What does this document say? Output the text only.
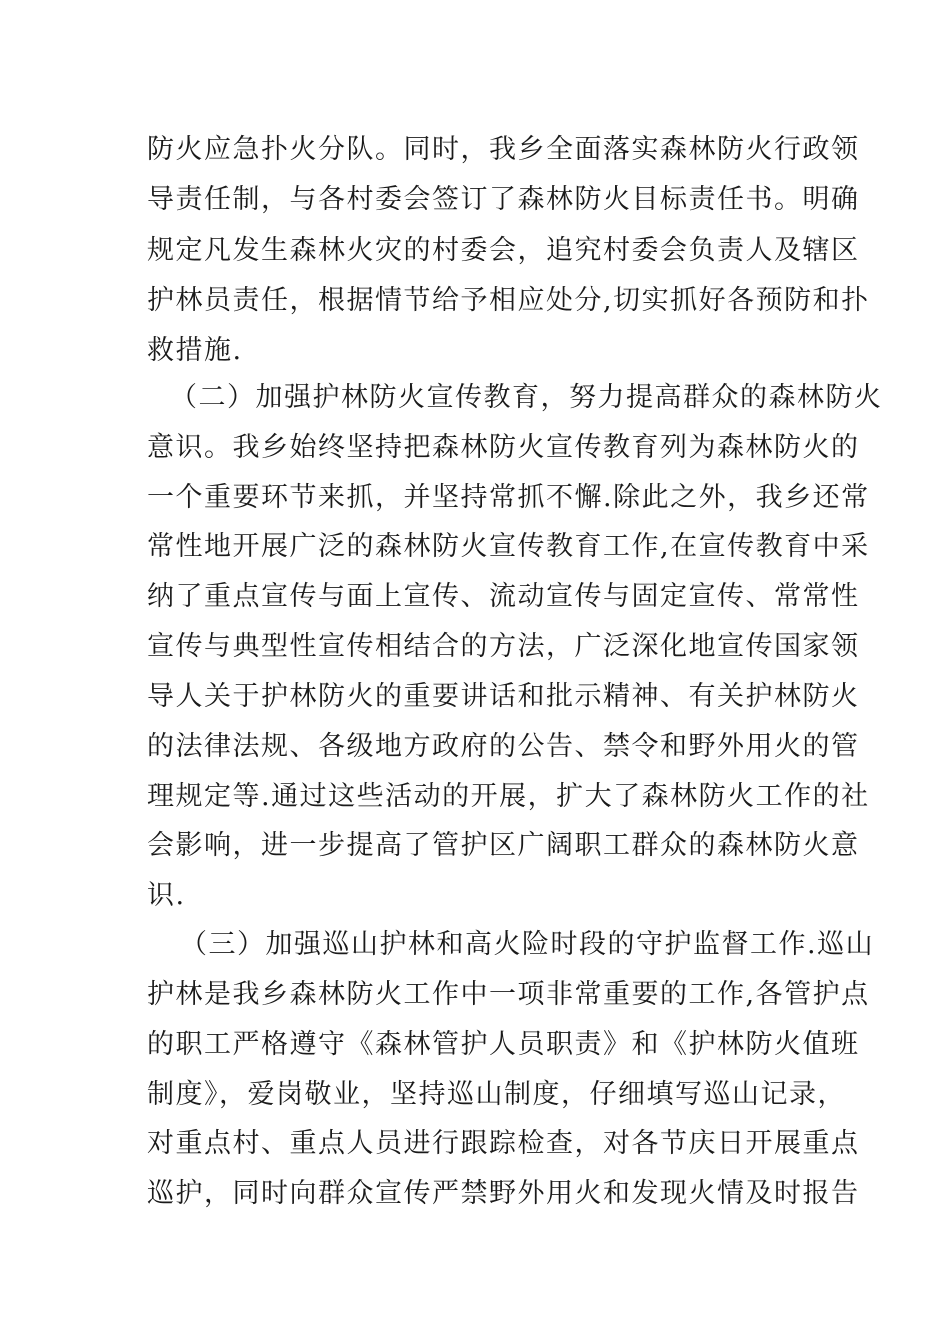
防火应急扑火分队。同时，我乡全面落实森林防火行政领
导责任制，与各村委会签订了森林防火目标责任书。明确
规定凡发生森林火灾的村委会，追究村委会负责人及辖区
护林员责任，根据情节给予相应处分,切实抓好各预防和扑
救措施.
（二）加强护林防火宣传教育，努力提高群众的森林防火
意识。我乡始终坚持把森林防火宣传教育列为森林防火的
一个重要环节来抓，并坚持常抓不懈.除此之外，我乡还常
常性地开展广泛的森林防火宣传教育工作,在宣传教育中采
纳了重点宣传与面上宣传、流动宣传与固定宣传、常常性
宣传与典型性宣传相结合的方法，广泛深化地宣传国家领
导人关于护林防火的重要讲话和批示精神、有关护林防火
的法律法规、各级地方政府的公告、禁令和野外用火的管
理规定等.通过这些活动的开展，扩大了森林防火工作的社
会影响，进一步提高了管护区广阔职工群众的森林防火意
识.
（三）加强巡山护林和高火险时段的守护监督工作.巡山
护林是我乡森林防火工作中一项非常重要的工作,各管护点
的职工严格遵守《森林管护人员职责》和《护林防火值班
制度》，爱岗敬业，坚持巡山制度，仔细填写巡山记录，
对重点村、重点人员进行跟踪检查，对各节庆日开展重点
巡护，同时向群众宣传严禁野外用火和发现火情及时报告
